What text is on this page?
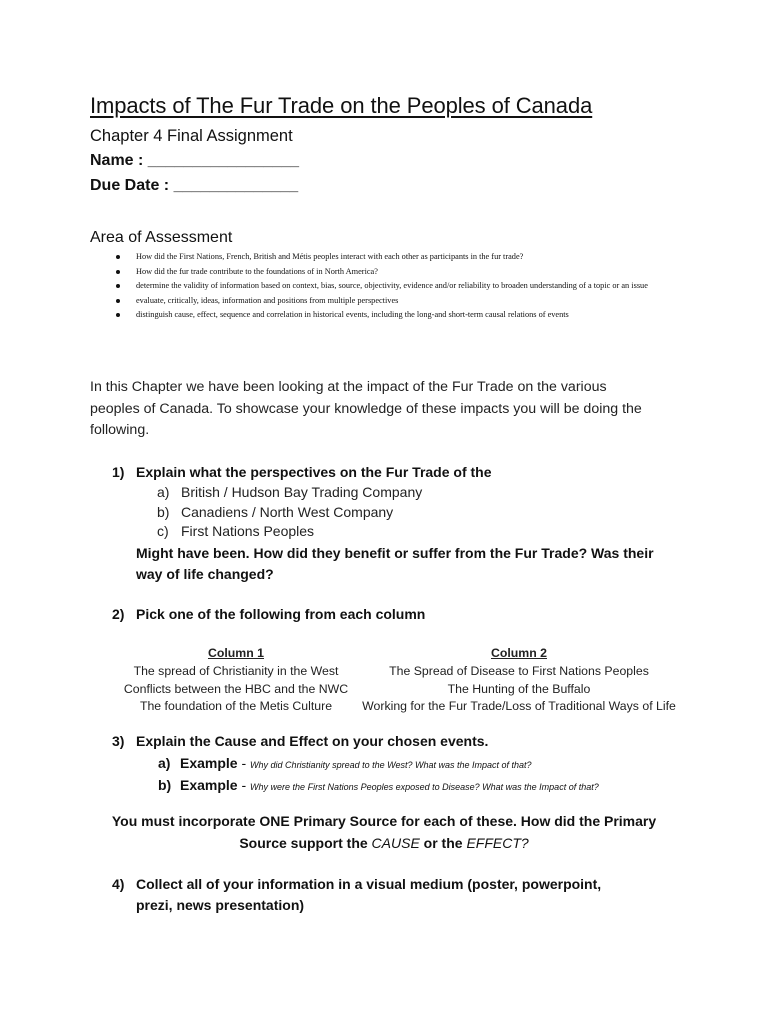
Impacts of The Fur Trade on the Peoples of Canada
Chapter 4 Final Assignment
Name : _________________
Due Date : ______________
Area of Assessment
How did the First Nations, French, British and Métis peoples interact with each other as participants in the fur trade?
How did the fur trade contribute to the foundations of in North America?
determine the validity of information based on context, bias, source, objectivity, evidence and/or reliability to broaden understanding of a topic or an issue
evaluate, critically, ideas, information and positions from multiple perspectives
distinguish cause, effect, sequence and correlation in historical events, including the long-and short-term causal relations of events
In this Chapter we have been looking at the impact of the Fur Trade on the various peoples of Canada. To showcase your knowledge of these impacts you will be doing the following.
1) Explain what the perspectives on the Fur Trade of the
a) British / Hudson Bay Trading Company
b) Canadiens / North West Company
c) First Nations Peoples
Might have been. How did they benefit or suffer from the Fur Trade? Was their way of life changed?
2) Pick one of the following from each column
Column 1
The spread of Christianity in the West
Conflicts between the HBC and the NWC
The foundation of the Metis Culture
Column 2
The Spread of Disease to First Nations Peoples
The Hunting of the Buffalo
Working for the Fur Trade/Loss of Traditional Ways of Life
3) Explain the Cause and Effect on your chosen events.
a) Example - Why did Christianity spread to the West? What was the Impact of that?
b) Example - Why were the First Nations Peoples exposed to Disease? What was the Impact of that?
You must incorporate ONE Primary Source for each of these. How did the Primary
Source support the CAUSE or the EFFECT?
4) Collect all of your information in a visual medium (poster, powerpoint,
prezi, news presentation)
